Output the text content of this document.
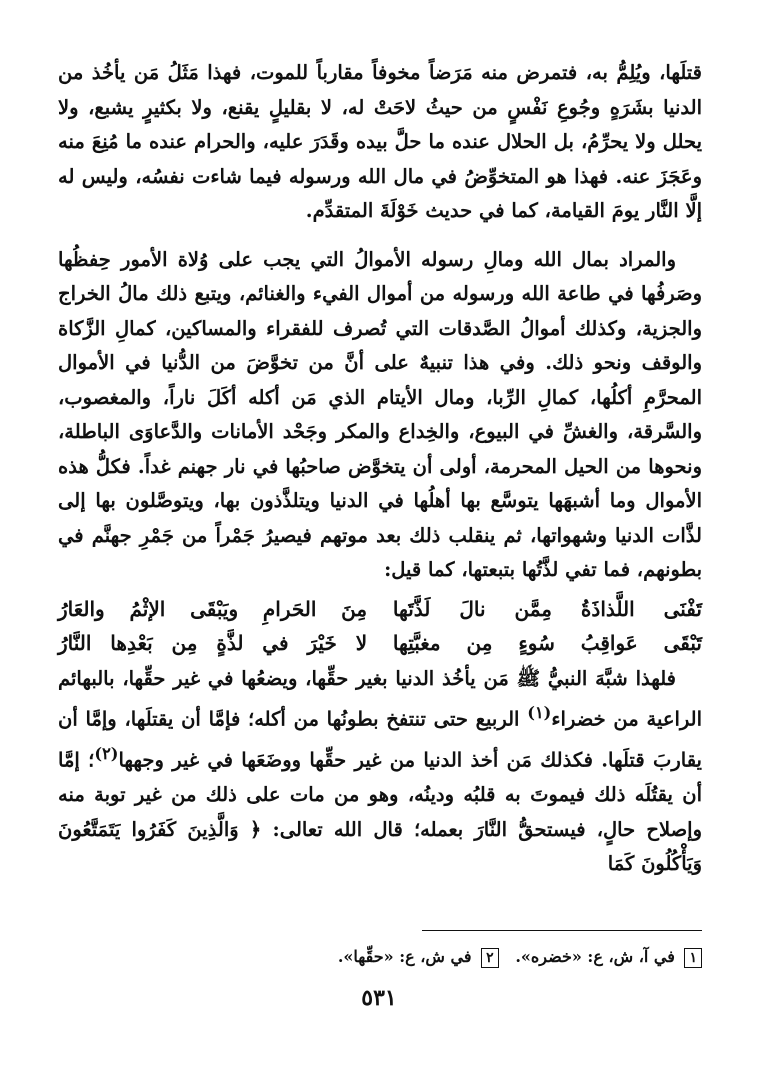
قتلَها، ويُلِمُّ به، فتمرض منه مَرَضاً مخوفاً مقارباً للموت، فهذا مَثَلُ مَن يأخُذ من الدنيا بشَرَهٍ وجُوعِ نَفْسٍ من حيثُ لاحَتْ له، لا بقليلٍ يقنع، ولا بكثيرٍ يشبع، ولا يحلل ولا يحرِّمُ، بل الحلال عنده ما حلَّ بيده وقَدَرَ عليه، والحرام عنده ما مُنِعَ منه وعَجَزَ عنه. فهذا هو المتخوِّضُ في مال الله ورسوله فيما شاءت نفسُه، وليس له إلَّا النَّار يومَ القيامة، كما في حديث خَوْلَةَ المتقدِّم.

والمراد بمال الله ومالِ رسوله الأموالُ التي يجب على وُلاة الأمور حِفظُها وصَرفُها في طاعة الله ورسوله من أموال الفيء والغنائم، ويتبع ذلك مالُ الخراج والجزية، وكذلك أموالُ الصَّدقات التي تُصرف للفقراء والمساكين، كمالِ الزَّكاة والوقف ونحو ذلك. وفي هذا تنبيهٌ على أنَّ من تخوَّضَ من الدُّنيا في الأموال المحرَّمِ أكلُها، كمالِ الرِّبا، ومال الأيتام الذي مَن أكله أكَلَ ناراً، والمغصوب، والسَّرقة، والغشِّ في البيوع، والخِداع والمكر وجَحْد الأمانات والدَّعاوَى الباطلة، ونحوها من الحيل المحرمة، أولى أن يتخوَّض صاحبُها في نار جهنم غداً. فكلُّ هذه الأموال وما أشبهَها يتوسَّع بها أهلُها في الدنيا ويتلذَّذون بها، ويتوصَّلون بها إلى لذَّات الدنيا وشهواتها، ثم ينقلب ذلك بعد موتهم فيصيرُ جَمْراً من جَمْرِ جهنَّم في بطونهم، فما تفي لذَّتُها بتبعتها، كما قيل:

تَفْنَى اللَّذاذَةُ مِمَّن نالَ لَذَّتَها
مِنَ الحَرامِ ويَبْقَى الإثْمُ والعَارُ
تَبْقَى عَواقِبُ سُوءٍ مِن مغبَّتِها
لا خَيْرَ في لذَّةٍ مِن بَعْدِها النَّارُ

فلهذا شبَّهَ النبيُّ ﷺ مَن يأخُذ الدنيا بغير حقِّها، ويضعُها في غير حقِّها، بالبهائم الراعية من خضراء$^{(١)}$ الربيع حتى تنتفخ بطونُها من أكله؛ فإمَّا أن يقتلَها، وإمَّا أن يقاربَ قتلَها. فكذلك مَن أخذ الدنيا من غير حقِّها ووضَعَها في غير وجهها$^{(٢)}$؛ إمَّا أن يقتُلَه ذلك فيموتَ به قلبُه ودينُه، وهو من مات على ذلك من غير توبة منه وإصلاح حالٍ، فيستحقُّ النَّارَ بعمله؛ قال الله تعالى: ﴿ وَالَّذِينَ كَفَرُوا يَتَمَتَّعُونَ وَيَأْكُلُونَ كَمَا

١ في آ، ش، ع: «خضره».   ٢ في ش، ع: «حقِّها».
٥٣١
